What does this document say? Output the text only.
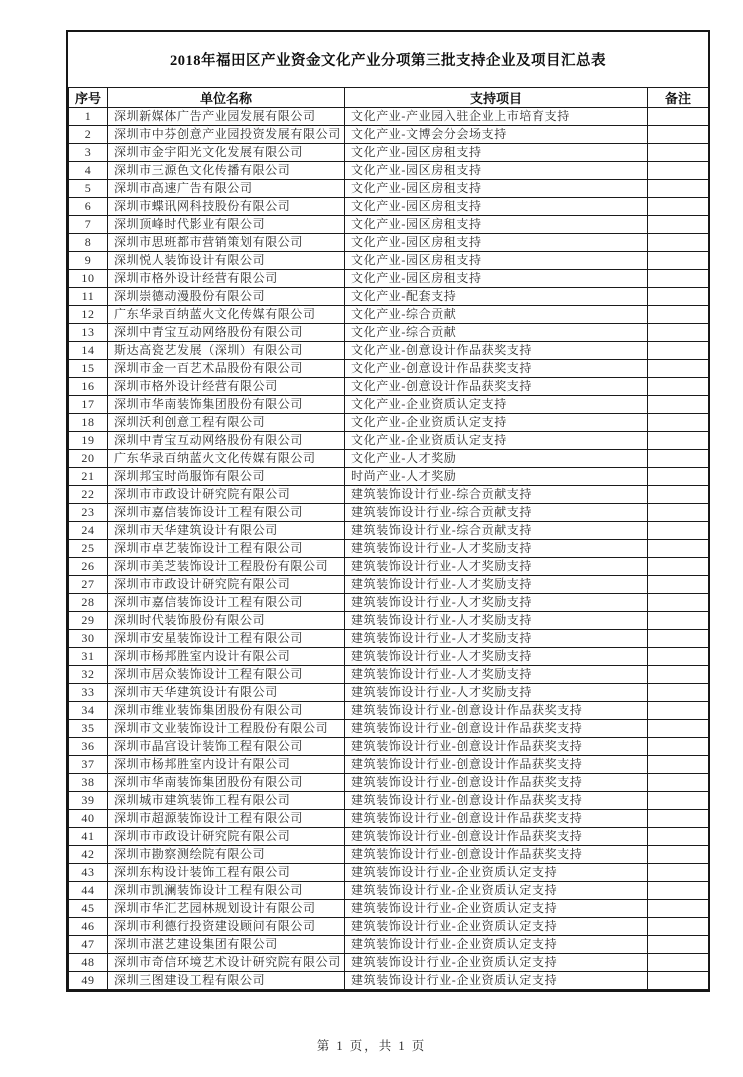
2018年福田区产业资金文化产业分项第三批支持企业及项目汇总表
序号	单位名称	支持项目	备注
1	深圳新媒体广告产业园发展有限公司	文化产业-产业园入驻企业上市培育支持	
2	深圳市中芬创意产业园投资发展有限公司	文化产业-文博会分会场支持	
3	深圳市金宇阳光文化发展有限公司	文化产业-园区房租支持	
4	深圳市三源色文化传播有限公司	文化产业-园区房租支持	
5	深圳市高速广告有限公司	文化产业-园区房租支持	
6	深圳市蝶讯网科技股份有限公司	文化产业-园区房租支持	
7	深圳顶峰时代影业有限公司	文化产业-园区房租支持	
8	深圳市思班都市营销策划有限公司	文化产业-园区房租支持	
9	深圳悦人装饰设计有限公司	文化产业-园区房租支持	
10	深圳市格外设计经营有限公司	文化产业-园区房租支持	
11	深圳崇德动漫股份有限公司	文化产业-配套支持	
12	广东华录百纳蓝火文化传媒有限公司	文化产业-综合贡献	
13	深圳中青宝互动网络股份有限公司	文化产业-综合贡献	
14	斯达高瓷艺发展（深圳）有限公司	文化产业-创意设计作品获奖支持	
15	深圳市金一百艺术品股份有限公司	文化产业-创意设计作品获奖支持	
16	深圳市格外设计经营有限公司	文化产业-创意设计作品获奖支持	
17	深圳市华南装饰集团股份有限公司	文化产业-企业资质认定支持	
18	深圳沃利创意工程有限公司	文化产业-企业资质认定支持	
19	深圳中青宝互动网络股份有限公司	文化产业-企业资质认定支持	
20	广东华录百纳蓝火文化传媒有限公司	文化产业-人才奖励	
21	深圳邦宝时尚服饰有限公司	时尚产业-人才奖励	
22	深圳市市政设计研究院有限公司	建筑装饰设计行业-综合贡献支持	
23	深圳市嘉信装饰设计工程有限公司	建筑装饰设计行业-综合贡献支持	
24	深圳市天华建筑设计有限公司	建筑装饰设计行业-综合贡献支持	
25	深圳市卓艺装饰设计工程有限公司	建筑装饰设计行业-人才奖励支持	
26	深圳市美芝装饰设计工程股份有限公司	建筑装饰设计行业-人才奖励支持	
27	深圳市市政设计研究院有限公司	建筑装饰设计行业-人才奖励支持	
28	深圳市嘉信装饰设计工程有限公司	建筑装饰设计行业-人才奖励支持	
29	深圳时代装饰股份有限公司	建筑装饰设计行业-人才奖励支持	
30	深圳市安星装饰设计工程有限公司	建筑装饰设计行业-人才奖励支持	
31	深圳市杨邦胜室内设计有限公司	建筑装饰设计行业-人才奖励支持	
32	深圳市居众装饰设计工程有限公司	建筑装饰设计行业-人才奖励支持	
33	深圳市天华建筑设计有限公司	建筑装饰设计行业-人才奖励支持	
34	深圳市维业装饰集团股份有限公司	建筑装饰设计行业-创意设计作品获奖支持	
35	深圳市文业装饰设计工程股份有限公司	建筑装饰设计行业-创意设计作品获奖支持	
36	深圳市晶宫设计装饰工程有限公司	建筑装饰设计行业-创意设计作品获奖支持	
37	深圳市杨邦胜室内设计有限公司	建筑装饰设计行业-创意设计作品获奖支持	
38	深圳市华南装饰集团股份有限公司	建筑装饰设计行业-创意设计作品获奖支持	
39	深圳城市建筑装饰工程有限公司	建筑装饰设计行业-创意设计作品获奖支持	
40	深圳市超源装饰设计工程有限公司	建筑装饰设计行业-创意设计作品获奖支持	
41	深圳市市政设计研究院有限公司	建筑装饰设计行业-创意设计作品获奖支持	
42	深圳市勘察测绘院有限公司	建筑装饰设计行业-创意设计作品获奖支持	
43	深圳东构设计装饰工程有限公司	建筑装饰设计行业-企业资质认定支持	
44	深圳市凯澜装饰设计工程有限公司	建筑装饰设计行业-企业资质认定支持	
45	深圳市华汇艺园林规划设计有限公司	建筑装饰设计行业-企业资质认定支持	
46	深圳市利德行投资建设顾问有限公司	建筑装饰设计行业-企业资质认定支持	
47	深圳市湛艺建设集团有限公司	建筑装饰设计行业-企业资质认定支持	
48	深圳市奇信环境艺术设计研究院有限公司	建筑装饰设计行业-企业资质认定支持	
49	深圳三图建设工程有限公司	建筑装饰设计行业-企业资质认定支持	
第 1 页，共 1 页
